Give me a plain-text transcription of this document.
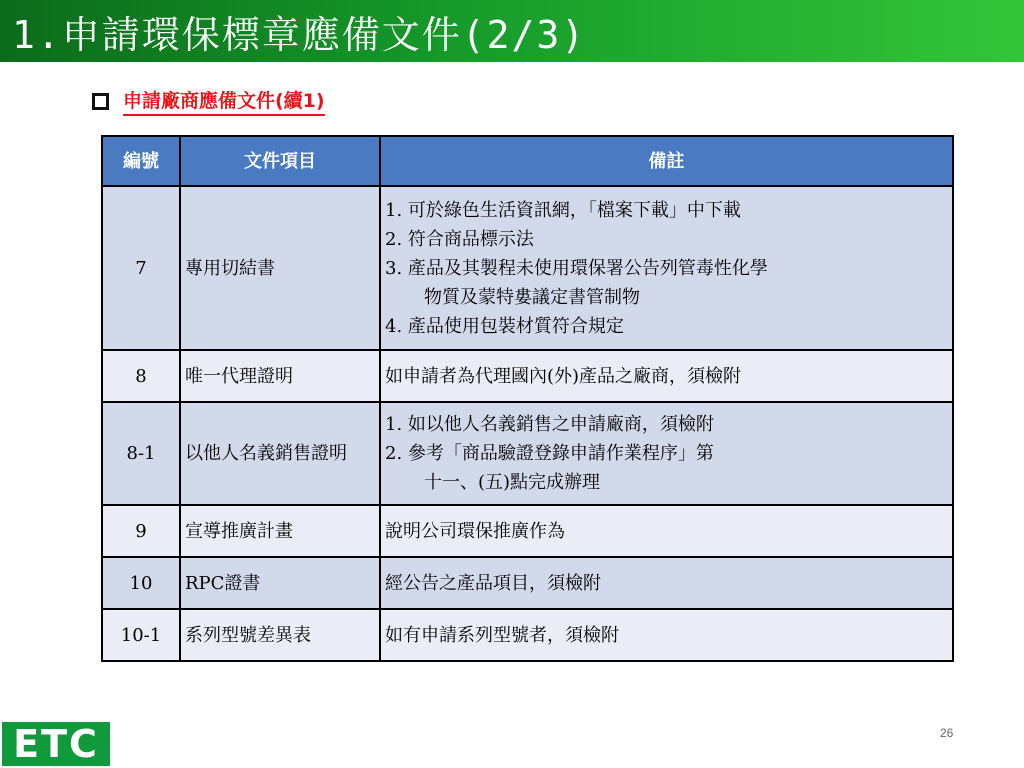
1.申請環保標章應備文件(2/3)
申請廠商應備文件(續1)
編號	文件項目	備註
7	專用切結書	1. 可於綠色生活資訊網，「檔案下載」中下載
2. 符合商品標示法
3. 產品及其製程未使用環保署公告列管毒性化學
物質及蒙特婁議定書管制物
4. 產品使用包裝材質符合規定

8	唯一代理證明	如申請者為代理國內(外)產品之廠商，須檢附

8-1	以他人名義銷售證明	1. 如以他人名義銷售之申請廠商，須檢附
2. 參考「商品驗證登錄申請作業程序」第
十一、(五)點完成辦理

9	宣導推廣計畫	說明公司環保推廣作為

10	RPC證書	經公告之產品項目，須檢附

10-1	系列型號差異表	如有申請系列型號者，須檢附
ETC	26
